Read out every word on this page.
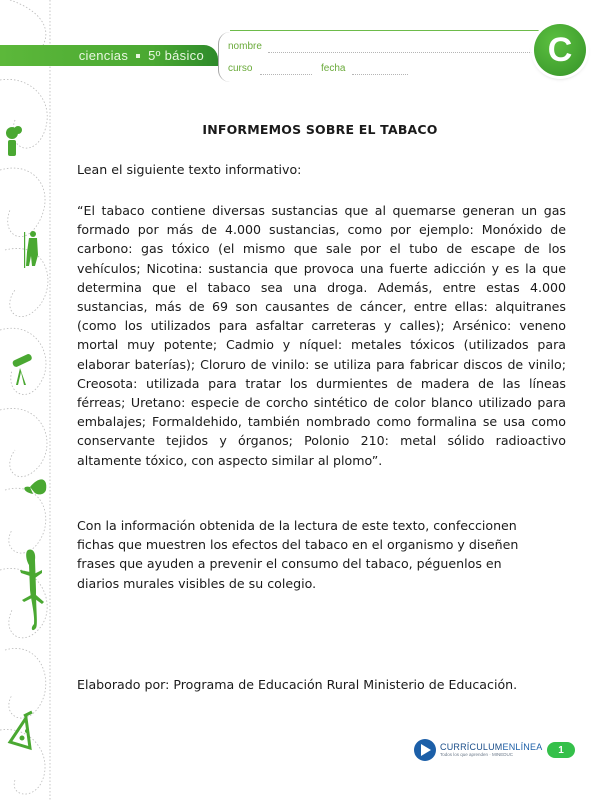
ciencias 5º básico
nombre
curso	fecha	C
INFORMEMOS SOBRE EL TABACO

Lean el siguiente texto informativo:

“El tabaco contiene diversas sustancias que al quemarse generan un gas formado por más de 4.000 sustancias, como por ejemplo: Monóxido de carbono: gas tóxico (el mismo que sale por el tubo de escape de los vehículos; Nicotina: sustancia que provoca una fuerte adicción y es la que determina que el tabaco sea una droga. Además, entre estas 4.000 sustancias, más de 69 son causantes de cáncer, entre ellas: alquitranes (como los utilizados para asfaltar carreteras y calles); Arsénico: veneno mortal muy potente; Cadmio y níquel: metales tóxicos (utilizados para elaborar baterías); Cloruro de vinilo: se utiliza para fabricar discos de vinilo; Creosota: utilizada para tratar los durmientes de madera de las líneas férreas; Uretano: especie de corcho sintético de color blanco utilizado para embalajes; Formaldehido, también nombrado como formalina se usa como conservante tejidos y órganos; Polonio 210: metal sólido radioactivo altamente tóxico, con aspecto similar al plomo”.

Con la información obtenida de la lectura de este texto, confeccionen fichas que muestren los efectos del tabaco en el organismo y diseñen frases que ayuden a prevenir el consumo del tabaco, péguenlos en diarios murales visibles de su colegio.

Elaborado por: Programa de Educación Rural Ministerio de Educación.

CURRÍCULUMENLÍNEA
Todos los que aprenden · MINEDUC	1
